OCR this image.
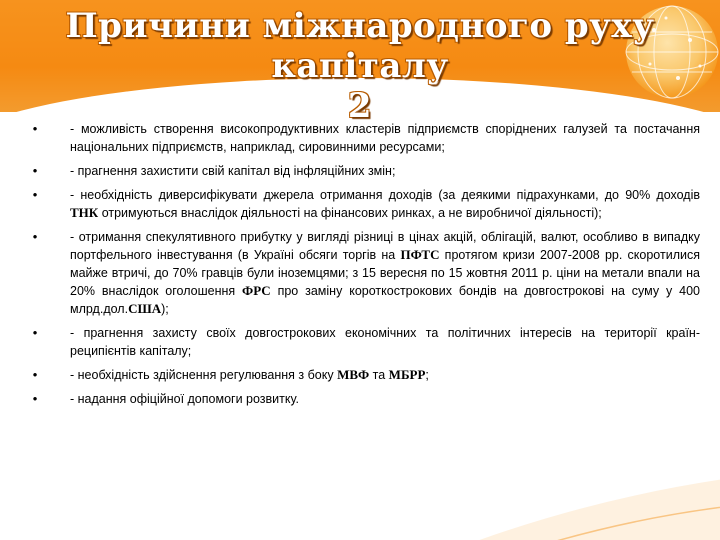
Причини міжнародного руху капіталу
2
•	- можливість створення високопродуктивних кластерів підприємств споріднених галузей та постачання національних підприємств, наприклад, сировинними ресурсами;
•	- прагнення захистити свій капітал від інфляційних змін;
•	- необхідність диверсифікувати джерела отримання доходів (за деякими підрахунками, до 90% доходів ТНК отримуються внаслідок діяльності на фінансових ринках, а не виробничої діяльності);
•	- отримання спекулятивного прибутку у вигляді різниці в цінах акцій, облігацій, валют, особливо в випадку портфельного інвестування (в Україні обсяги торгів на ПФТС протягом кризи 2007-2008 рр. скоротилися майже втричі, до 70% гравців були іноземцями; з 15 вересня по 15 жовтня 2011 р. ціни на метали впали на 20% внаслідок оголошення ФРС про заміну короткострокових бондів на довгострокові на суму у 400 млрд.дол.США);
•	- прагнення захисту своїх довгострокових економічних та політичних інтересів на території країн-реципієнтів капіталу;
•	- необхідність здійснення регулювання з боку МВФ та МБРР;
•	- надання офіційної допомоги розвитку.
